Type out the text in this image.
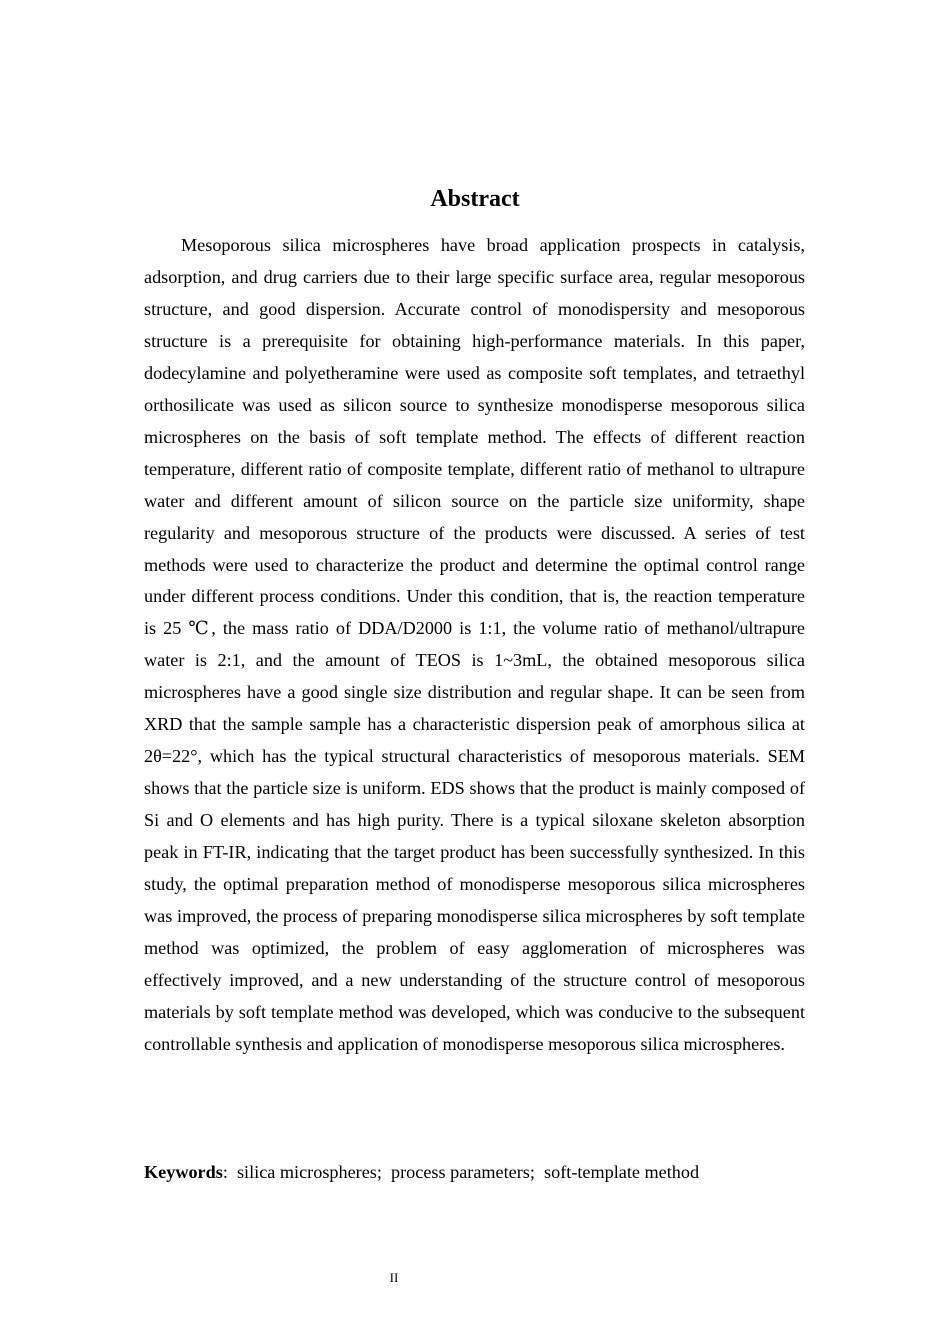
Abstract

Mesoporous silica microspheres have broad application prospects in catalysis, adsorption, and drug carriers due to their large specific surface area, regular mesoporous structure, and good dispersion. Accurate control of monodispersity and mesoporous structure is a prerequisite for obtaining high-performance materials. In this paper, dodecylamine and polyetheramine were used as composite soft templates, and tetraethyl orthosilicate was used as silicon source to synthesize monodisperse mesoporous silica microspheres on the basis of soft template method. The effects of different reaction temperature, different ratio of composite template, different ratio of methanol to ultrapure water and different amount of silicon source on the particle size uniformity, shape regularity and mesoporous structure of the products were discussed. A series of test methods were used to characterize the product and determine the optimal control range under different process conditions. Under this condition, that is, the reaction temperature is 25 ℃, the mass ratio of DDA/D2000 is 1:1, the volume ratio of methanol/ultrapure water is 2:1, and the amount of TEOS is 1~3mL, the obtained mesoporous silica microspheres have a good single size distribution and regular shape. It can be seen from XRD that the sample sample has a characteristic dispersion peak of amorphous silica at 2θ=22°, which has the typical structural characteristics of mesoporous materials. SEM shows that the particle size is uniform. EDS shows that the product is mainly composed of Si and O elements and has high purity. There is a typical siloxane skeleton absorption peak in FT-IR, indicating that the target product has been successfully synthesized. In this study, the optimal preparation method of monodisperse mesoporous silica microspheres was improved, the process of preparing monodisperse silica microspheres by soft template method was optimized, the problem of easy agglomeration of microspheres was effectively improved, and a new understanding of the structure control of mesoporous materials by soft template method was developed, which was conducive to the subsequent controllable synthesis and application of monodisperse mesoporous silica microspheres.

Keywords: silica microspheres; process parameters; soft-template method

II
